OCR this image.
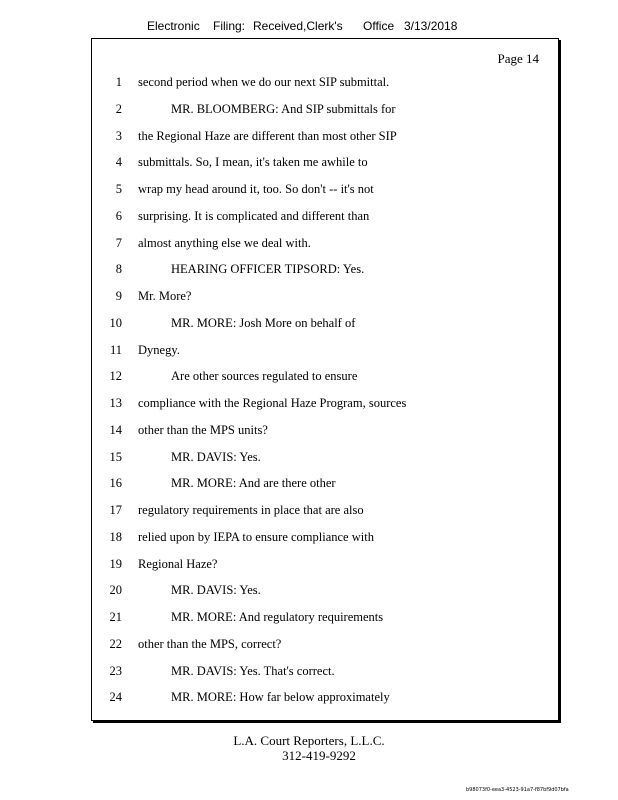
Electronic Filing: Received,Clerk's Office 3/13/2018
Page 14
1 second period when we do our next SIP submittal.
2	MR. BLOOMBERG: And SIP submittals for
3 the Regional Haze are different than most other SIP
4 submittals. So, I mean, it's taken me awhile to
5 wrap my head around it, too. So don't -- it's not
6 surprising. It is complicated and different than
7 almost anything else we deal with.
8	HEARING OFFICER TIPSORD: Yes.
9 Mr. More?
10	MR. MORE: Josh More on behalf of
11 Dynegy.
12	Are other sources regulated to ensure
13 compliance with the Regional Haze Program, sources
14 other than the MPS units?
15	MR. DAVIS: Yes.
16	MR. MORE: And are there other
17 regulatory requirements in place that are also
18 relied upon by IEPA to ensure compliance with
19 Regional Haze?
20	MR. DAVIS: Yes.
21	MR. MORE: And regulatory requirements
22 other than the MPS, correct?
23	MR. DAVIS: Yes. That's correct.
24	MR. MORE: How far below approximately
L.A. Court Reporters, L.L.C.
312-419-9292
b98073f0-eea3-4523-91a7-f87bf9d07bfa
